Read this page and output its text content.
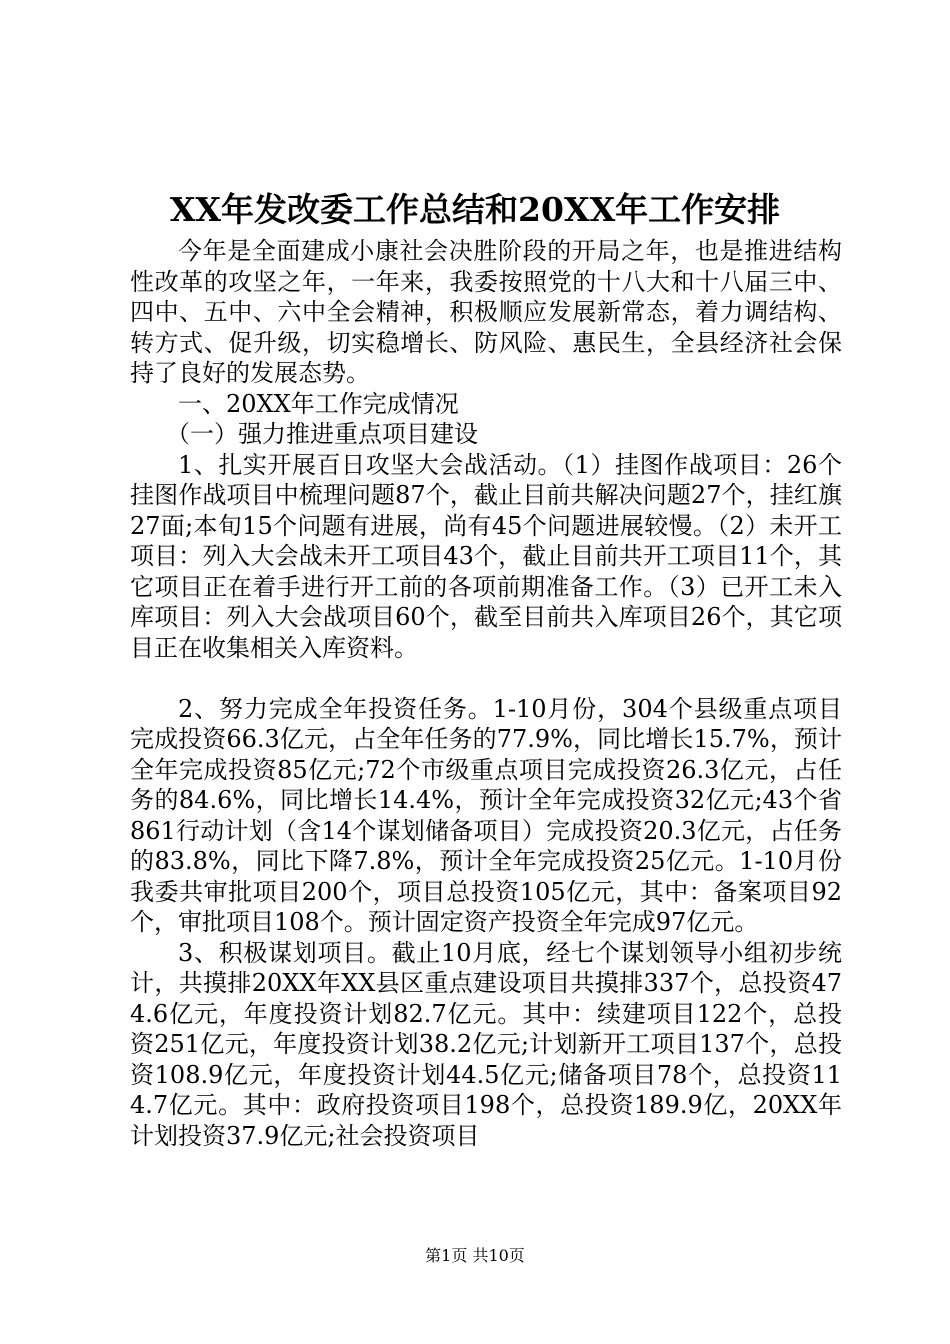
XX年发改委工作总结和20XX年工作安排

今年是全面建成小康社会决胜阶段的开局之年，也是推进结构性改革的攻坚之年，一年来，我委按照党的十八大和十八届三中、四中、五中、六中全会精神，积极顺应发展新常态，着力调结构、转方式、促升级，切实稳增长、防风险、惠民生，全县经济社会保持了良好的发展态势。

一、20XX年工作完成情况

（一）强力推进重点项目建设

1、扎实开展百日攻坚大会战活动。（1）挂图作战项目：26个挂图作战项目中梳理问题87个，截止目前共解决问题27个，挂红旗27面;本旬15个问题有进展，尚有45个问题进展较慢。（2）未开工项目：列入大会战未开工项目43个，截止目前共开工项目11个，其它项目正在着手进行开工前的各项前期准备工作。（3）已开工未入库项目：列入大会战项目60个，截至目前共入库项目26个，其它项目正在收集相关入库资料。

2、努力完成全年投资任务。1-10月份，304个县级重点项目完成投资66.3亿元，占全年任务的77.9%，同比增长15.7%，预计全年完成投资85亿元;72个市级重点项目完成投资26.3亿元，占任务的84.6%，同比增长14.4%，预计全年完成投资32亿元;43个省861行动计划（含14个谋划储备项目）完成投资20.3亿元，占任务的83.8%，同比下降7.8%，预计全年完成投资25亿元。1-10月份我委共审批项目200个，项目总投资105亿元，其中：备案项目92个，审批项目108个。预计固定资产投资全年完成97亿元。

3、积极谋划项目。截止10月底，经七个谋划领导小组初步统计，共摸排20XX年XX县区重点建设项目共摸排337个，总投资474.6亿元，年度投资计划82.7亿元。其中：续建项目122个，总投资251亿元，年度投资计划38.2亿元;计划新开工项目137个，总投资108.9亿元，年度投资计划44.5亿元;储备项目78个，总投资114.7亿元。其中：政府投资项目198个，总投资189.9亿，20XX年计划投资37.9亿元;社会投资项目

第1页 共10页
